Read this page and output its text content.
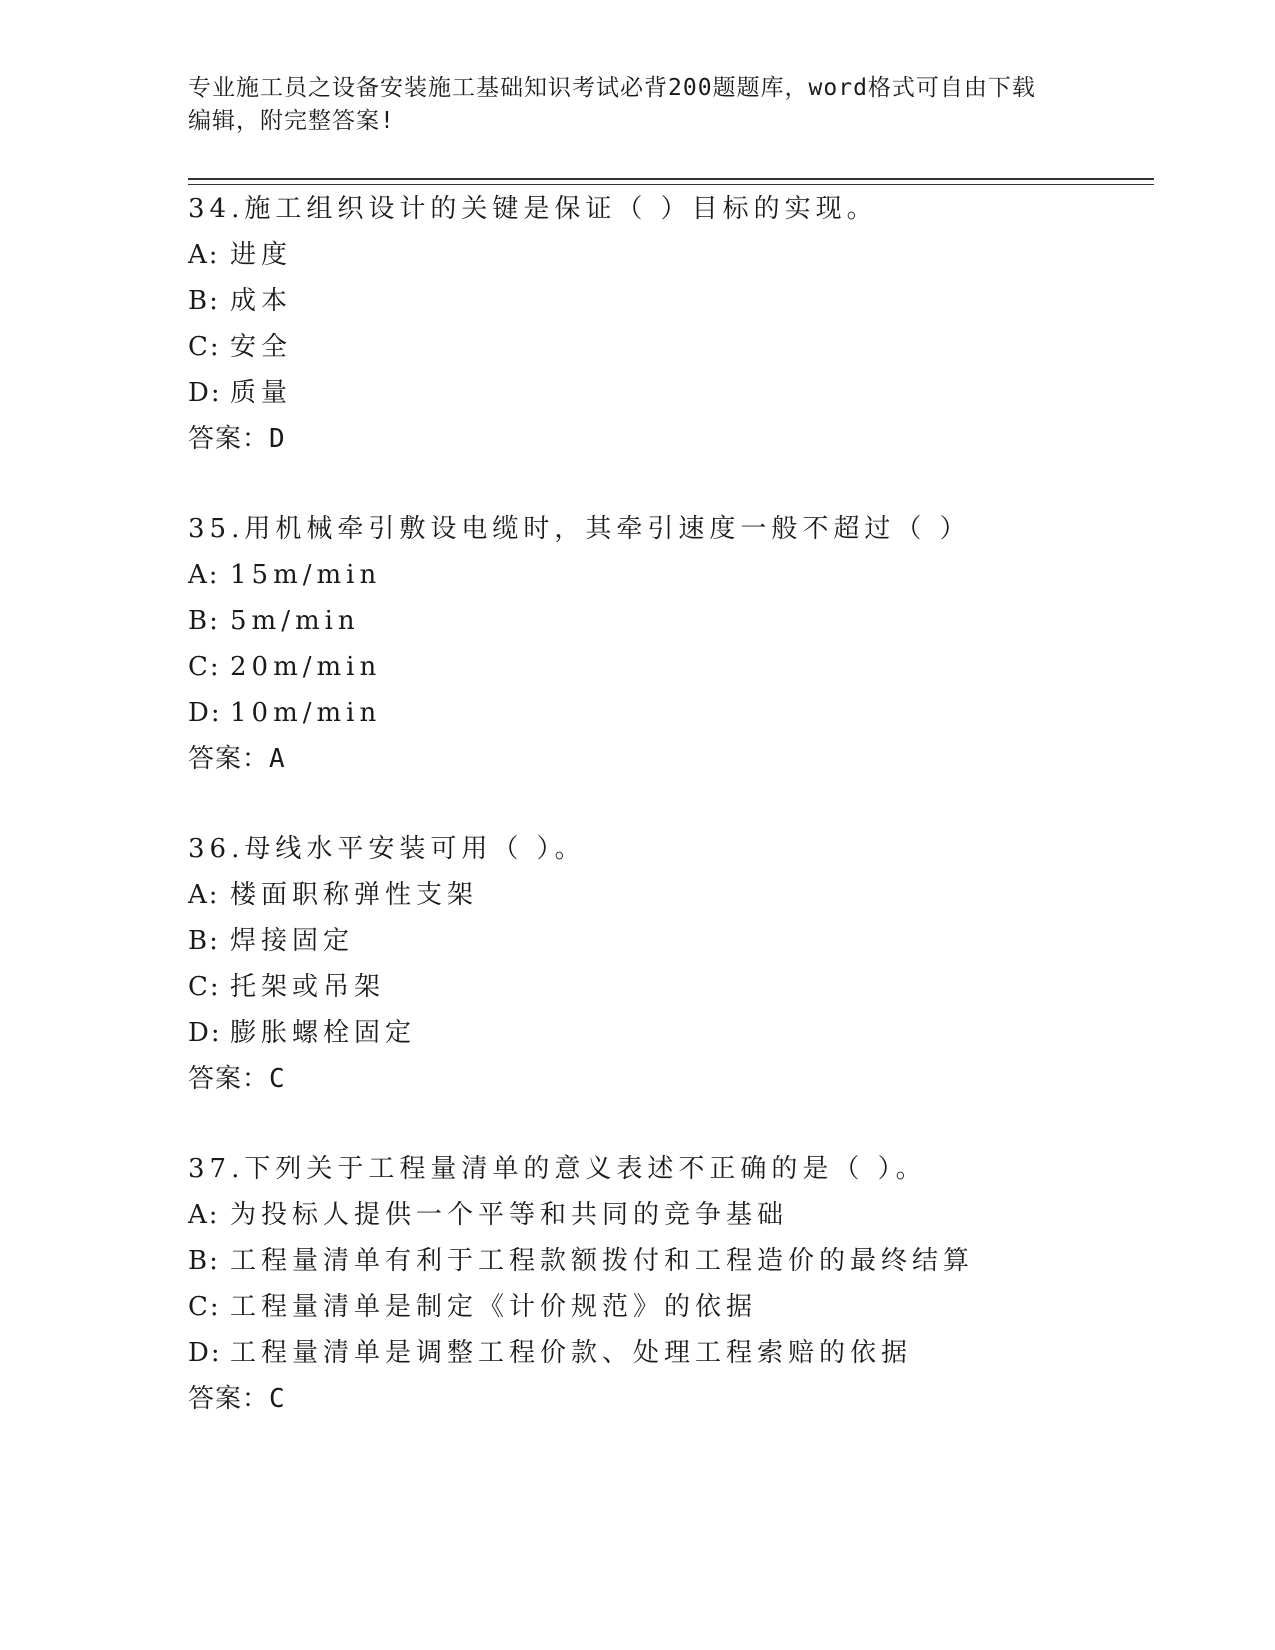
专业施工员之设备安装施工基础知识考试必背200题题库，word格式可自由下载
编辑，附完整答案!
34.施工组织设计的关键是保证（ ）目标的实现。
A: 进度
B: 成本
C: 安全
D: 质量
答案：D
35.用机械牵引敷设电缆时，其牵引速度一般不超过（ ）
A: 15m/min
B: 5m/min
C: 20m/min
D: 10m/min
答案：A
36.母线水平安装可用（ ）。
A: 楼面职称弹性支架
B: 焊接固定
C: 托架或吊架
D: 膨胀螺栓固定
答案：C
37.下列关于工程量清单的意义表述不正确的是（ ）。
A: 为投标人提供一个平等和共同的竞争基础
B: 工程量清单有利于工程款额拨付和工程造价的最终结算
C: 工程量清单是制定《计价规范》的依据
D: 工程量清单是调整工程价款、处理工程索赔的依据
答案：C
